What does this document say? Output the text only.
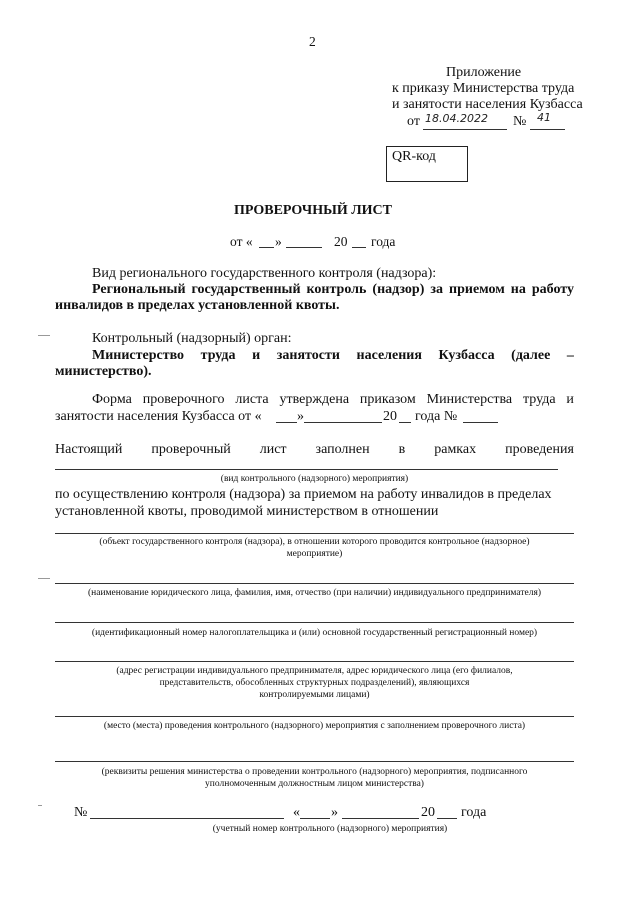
2
Приложение
к приказу Министерства труда
и занятости населения Кузбасса
от 18.04.2022 № 41
QR-код
ПРОВЕРОЧНЫЙ ЛИСТ
от « »	20 года
Вид регионального государственного контроля (надзора):
Региональный государственный контроль (надзор) за приемом на работу
инвалидов в пределах установленной квоты.
Контрольный (надзорный) орган:
Министерство труда и занятости населения Кузбасса (далее –
министерство).
Форма проверочного листа утверждена приказом Министерства труда и
занятости населения Кузбасса от «	»	20 года №
Настоящий проверочный лист заполнен в рамках проведения
(вид контрольного (надзорного) мероприятия)
по осуществлению контроля (надзора) за приемом на работу инвалидов в пределах
установленной квоты, проводимой министерством в отношении
(объект государственного контроля (надзора), в отношении которого проводится контрольное (надзорное)
мероприятие)
(наименование юридического лица, фамилия, имя, отчество (при наличии) индивидуального предпринимателя)
(идентификационный номер налогоплательщика и (или) основной государственный регистрационный номер)
(адрес регистрации индивидуального предпринимателя, адрес юридического лица (его филиалов,
представительств, обособленных структурных подразделений), являющихся
контролируемыми лицами)
(место (места) проведения контрольного (надзорного) мероприятия с заполнением проверочного листа)
(реквизиты решения министерства о проведении контрольного (надзорного) мероприятия, подписанного
уполномоченным должностным лицом министерства)
№	« »	20 года
(учетный номер контрольного (надзорного) мероприятия)
